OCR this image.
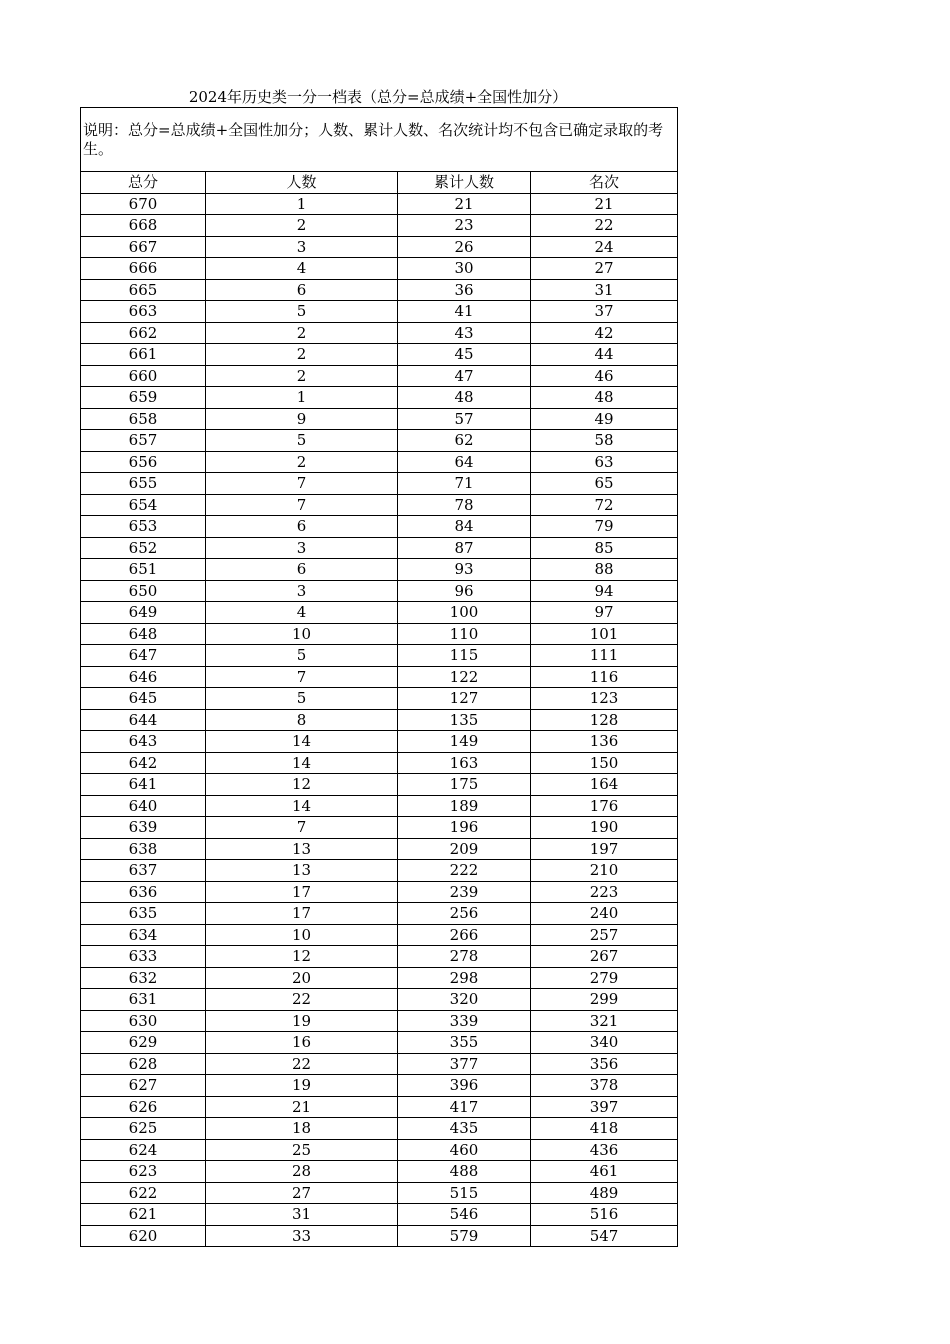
2024年历史类一分一档表（总分=总成绩+全国性加分）
说明：总分=总成绩+全国性加分；人数、累计人数、名次统计均不包含已确定录取的考生。			
总分	人数	累计人数	名次
670	1	21	21
668	2	23	22
667	3	26	24
666	4	30	27
665	6	36	31
663	5	41	37
662	2	43	42
661	2	45	44
660	2	47	46
659	1	48	48
658	9	57	49
657	5	62	58
656	2	64	63
655	7	71	65
654	7	78	72
653	6	84	79
652	3	87	85
651	6	93	88
650	3	96	94
649	4	100	97
648	10	110	101
647	5	115	111
646	7	122	116
645	5	127	123
644	8	135	128
643	14	149	136
642	14	163	150
641	12	175	164
640	14	189	176
639	7	196	190
638	13	209	197
637	13	222	210
636	17	239	223
635	17	256	240
634	10	266	257
633	12	278	267
632	20	298	279
631	22	320	299
630	19	339	321
629	16	355	340
628	22	377	356
627	19	396	378
626	21	417	397
625	18	435	418
624	25	460	436
623	28	488	461
622	27	515	489
621	31	546	516
620	33	579	547
